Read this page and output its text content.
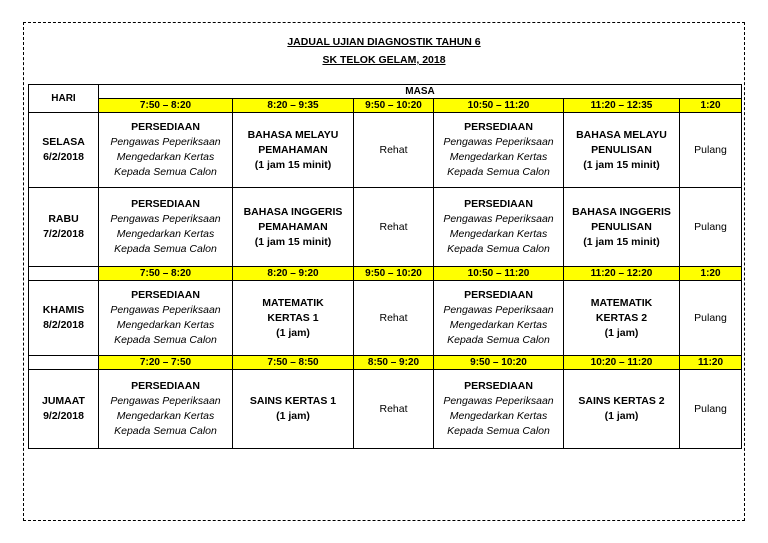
JADUAL UJIAN DIAGNOSTIK TAHUN 6
SK TELOK GELAM, 2018
HARI	MASA					
	7:50 – 8:20	8:20 – 9:35	9:50 – 10:20	10:50 – 11:20	11:20 – 12:35	1:20

SELASA
6/2/2018	PERSEDIAAN
Pengawas Peperiksaan
Mengedarkan Kertas
Kepada Semua Calon	BAHASA MELAYU
PEMAHAMAN
(1 jam 15 minit)	Rehat	PERSEDIAAN
Pengawas Peperiksaan
Mengedarkan Kertas
Kepada Semua Calon	BAHASA MELAYU
PENULISAN
(1 jam 15 minit)	Pulang

RABU
7/2/2018	PERSEDIAAN
Pengawas Peperiksaan
Mengedarkan Kertas
Kepada Semua Calon	BAHASA INGGERIS
PEMAHAMAN
(1 jam 15 minit)	Rehat	PERSEDIAAN
Pengawas Peperiksaan
Mengedarkan Kertas
Kepada Semua Calon	BAHASA INGGERIS
PENULISAN
(1 jam 15 minit)	Pulang
	7:50 – 8:20	8:20 – 9:20	9:50 – 10:20	10:50 – 11:20	11:20 – 12:20	1:20

KHAMIS
8/2/2018	PERSEDIAAN
Pengawas Peperiksaan
Mengedarkan Kertas
Kepada Semua Calon	MATEMATIK
KERTAS 1
(1 jam)	Rehat	PERSEDIAAN
Pengawas Peperiksaan
Mengedarkan Kertas
Kepada Semua Calon	MATEMATIK
KERTAS 2
(1 jam)	Pulang
	7:20 – 7:50	7:50 – 8:50	8:50 – 9:20	9:50 – 10:20	10:20 – 11:20	11:20

JUMAAT
9/2/2018	PERSEDIAAN
Pengawas Peperiksaan
Mengedarkan Kertas
Kepada Semua Calon	SAINS KERTAS 1
(1 jam)	Rehat	PERSEDIAAN
Pengawas Peperiksaan
Mengedarkan Kertas
Kepada Semua Calon	SAINS KERTAS 2
(1 jam)	Pulang
